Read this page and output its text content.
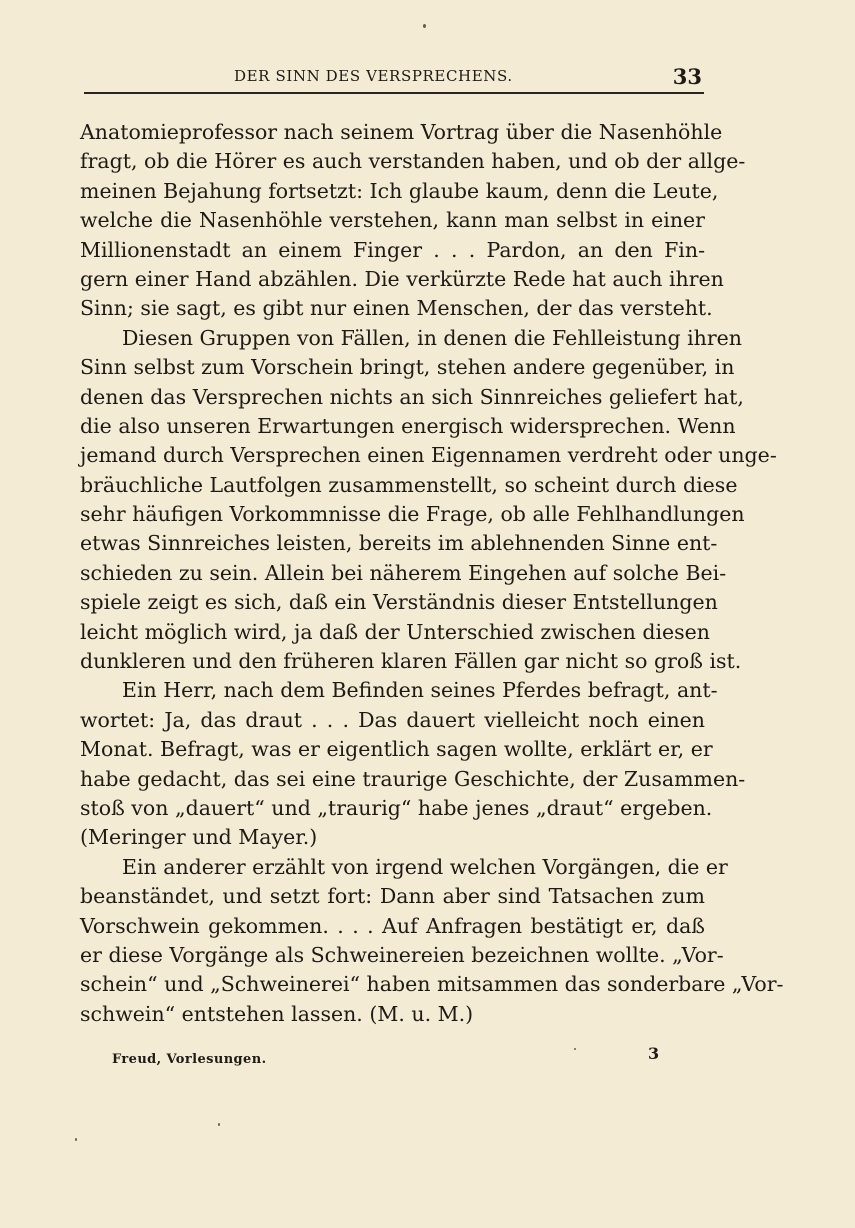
DER SINN DES VERSPRECHENS.	33
Anatomieprofessor nach seinem Vortrag über die Nasenhöhle
fragt, ob die Hörer es auch verstanden haben, und ob der allge-
meinen Bejahung fortsetzt: Ich glaube kaum, denn die Leute,
welche die Nasenhöhle verstehen, kann man selbst in einer
Millionenstadt an einem Finger . . . Pardon, an den Fin-
gern einer Hand abzählen. Die verkürzte Rede hat auch ihren
Sinn; sie sagt, es gibt nur einen Menschen, der das versteht.
Diesen Gruppen von Fällen, in denen die Fehlleistung ihren
Sinn selbst zum Vorschein bringt, stehen andere gegenüber, in
denen das Versprechen nichts an sich Sinnreiches geliefert hat,
die also unseren Erwartungen energisch widersprechen. Wenn
jemand durch Versprechen einen Eigennamen verdreht oder unge-
bräuchliche Lautfolgen zusammenstellt, so scheint durch diese
sehr häufigen Vorkommnisse die Frage, ob alle Fehlhandlungen
etwas Sinnreiches leisten, bereits im ablehnenden Sinne ent-
schieden zu sein. Allein bei näherem Eingehen auf solche Bei-
spiele zeigt es sich, daß ein Verständnis dieser Entstellungen
leicht möglich wird, ja daß der Unterschied zwischen diesen
dunkleren und den früheren klaren Fällen gar nicht so groß ist.
Ein Herr, nach dem Befinden seines Pferdes befragt, ant-
wortet: Ja, das draut . . . Das dauert vielleicht noch einen
Monat. Befragt, was er eigentlich sagen wollte, erklärt er, er
habe gedacht, das sei eine traurige Geschichte, der Zusammen-
stoß von „dauert“ und „traurig“ habe jenes „draut“ ergeben.
(Meringer und Mayer.)
Ein anderer erzählt von irgend welchen Vorgängen, die er
beanständet, und setzt fort: Dann aber sind Tatsachen zum
Vorschwein gekommen. . . . Auf Anfragen bestätigt er, daß
er diese Vorgänge als Schweinereien bezeichnen wollte. „Vor-
schein“ und „Schweinerei“ haben mitsammen das sonderbare „Vor-
schwein“ entstehen lassen. (M. u. M.)
Freud, Vorlesungen.	3
